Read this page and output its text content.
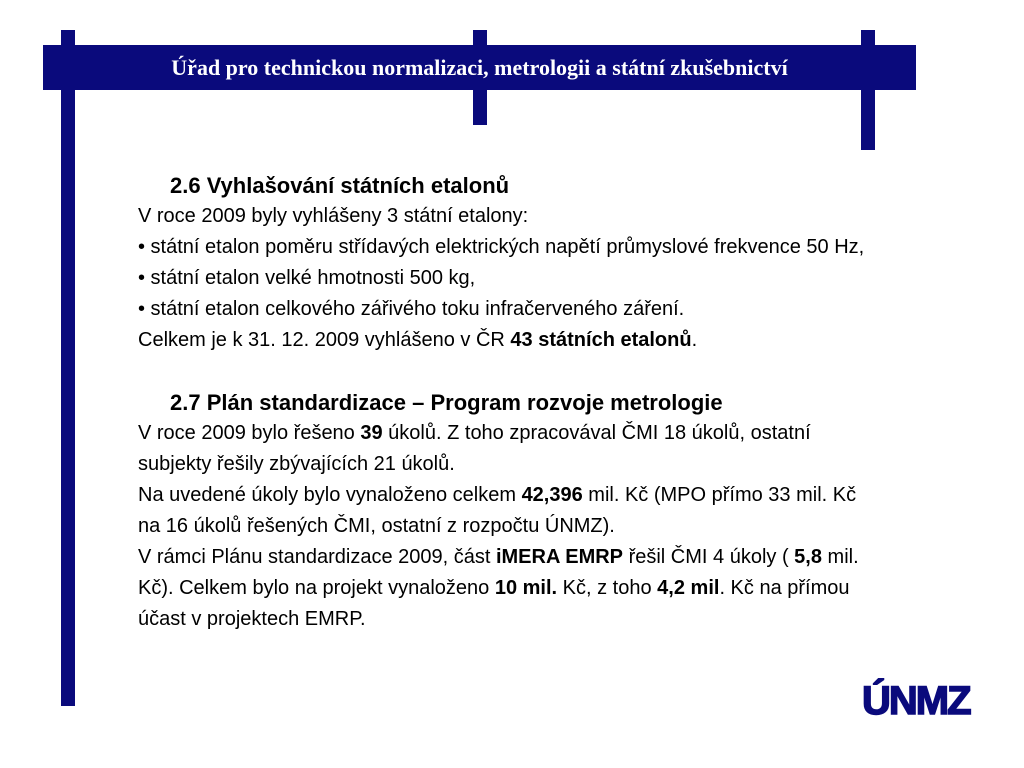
Úřad pro technickou normalizaci, metrologii a státní zkušebnictví
2.6 Vyhlašování státních etalonů

V roce 2009 byly vyhlášeny 3 státní etalony:

• státní etalon poměru střídavých elektrických napětí průmyslové frekvence 50 Hz,

• státní etalon velké hmotnosti 500 kg,

• státní etalon celkového zářivého toku infračerveného záření.

Celkem je k 31. 12. 2009 vyhlášeno v ČR 43 státních etalonů.

2.7 Plán standardizace – Program rozvoje metrologie

V roce 2009 bylo řešeno 39 úkolů. Z toho zpracovával ČMI 18 úkolů, ostatní subjekty řešily zbývajících 21 úkolů.

Na uvedené úkoly bylo vynaloženo celkem 42,396 mil. Kč (MPO přímo 33 mil. Kč na 16 úkolů řešených ČMI, ostatní z rozpočtu ÚNMZ).

V rámci Plánu standardizace 2009, část iMERA EMRP řešil ČMI 4 úkoly ( 5,8 mil. Kč). Celkem bylo na projekt vynaloženo 10 mil. Kč, z toho 4,2 mil. Kč na přímou účast v projektech EMRP.

ÚNMZ
